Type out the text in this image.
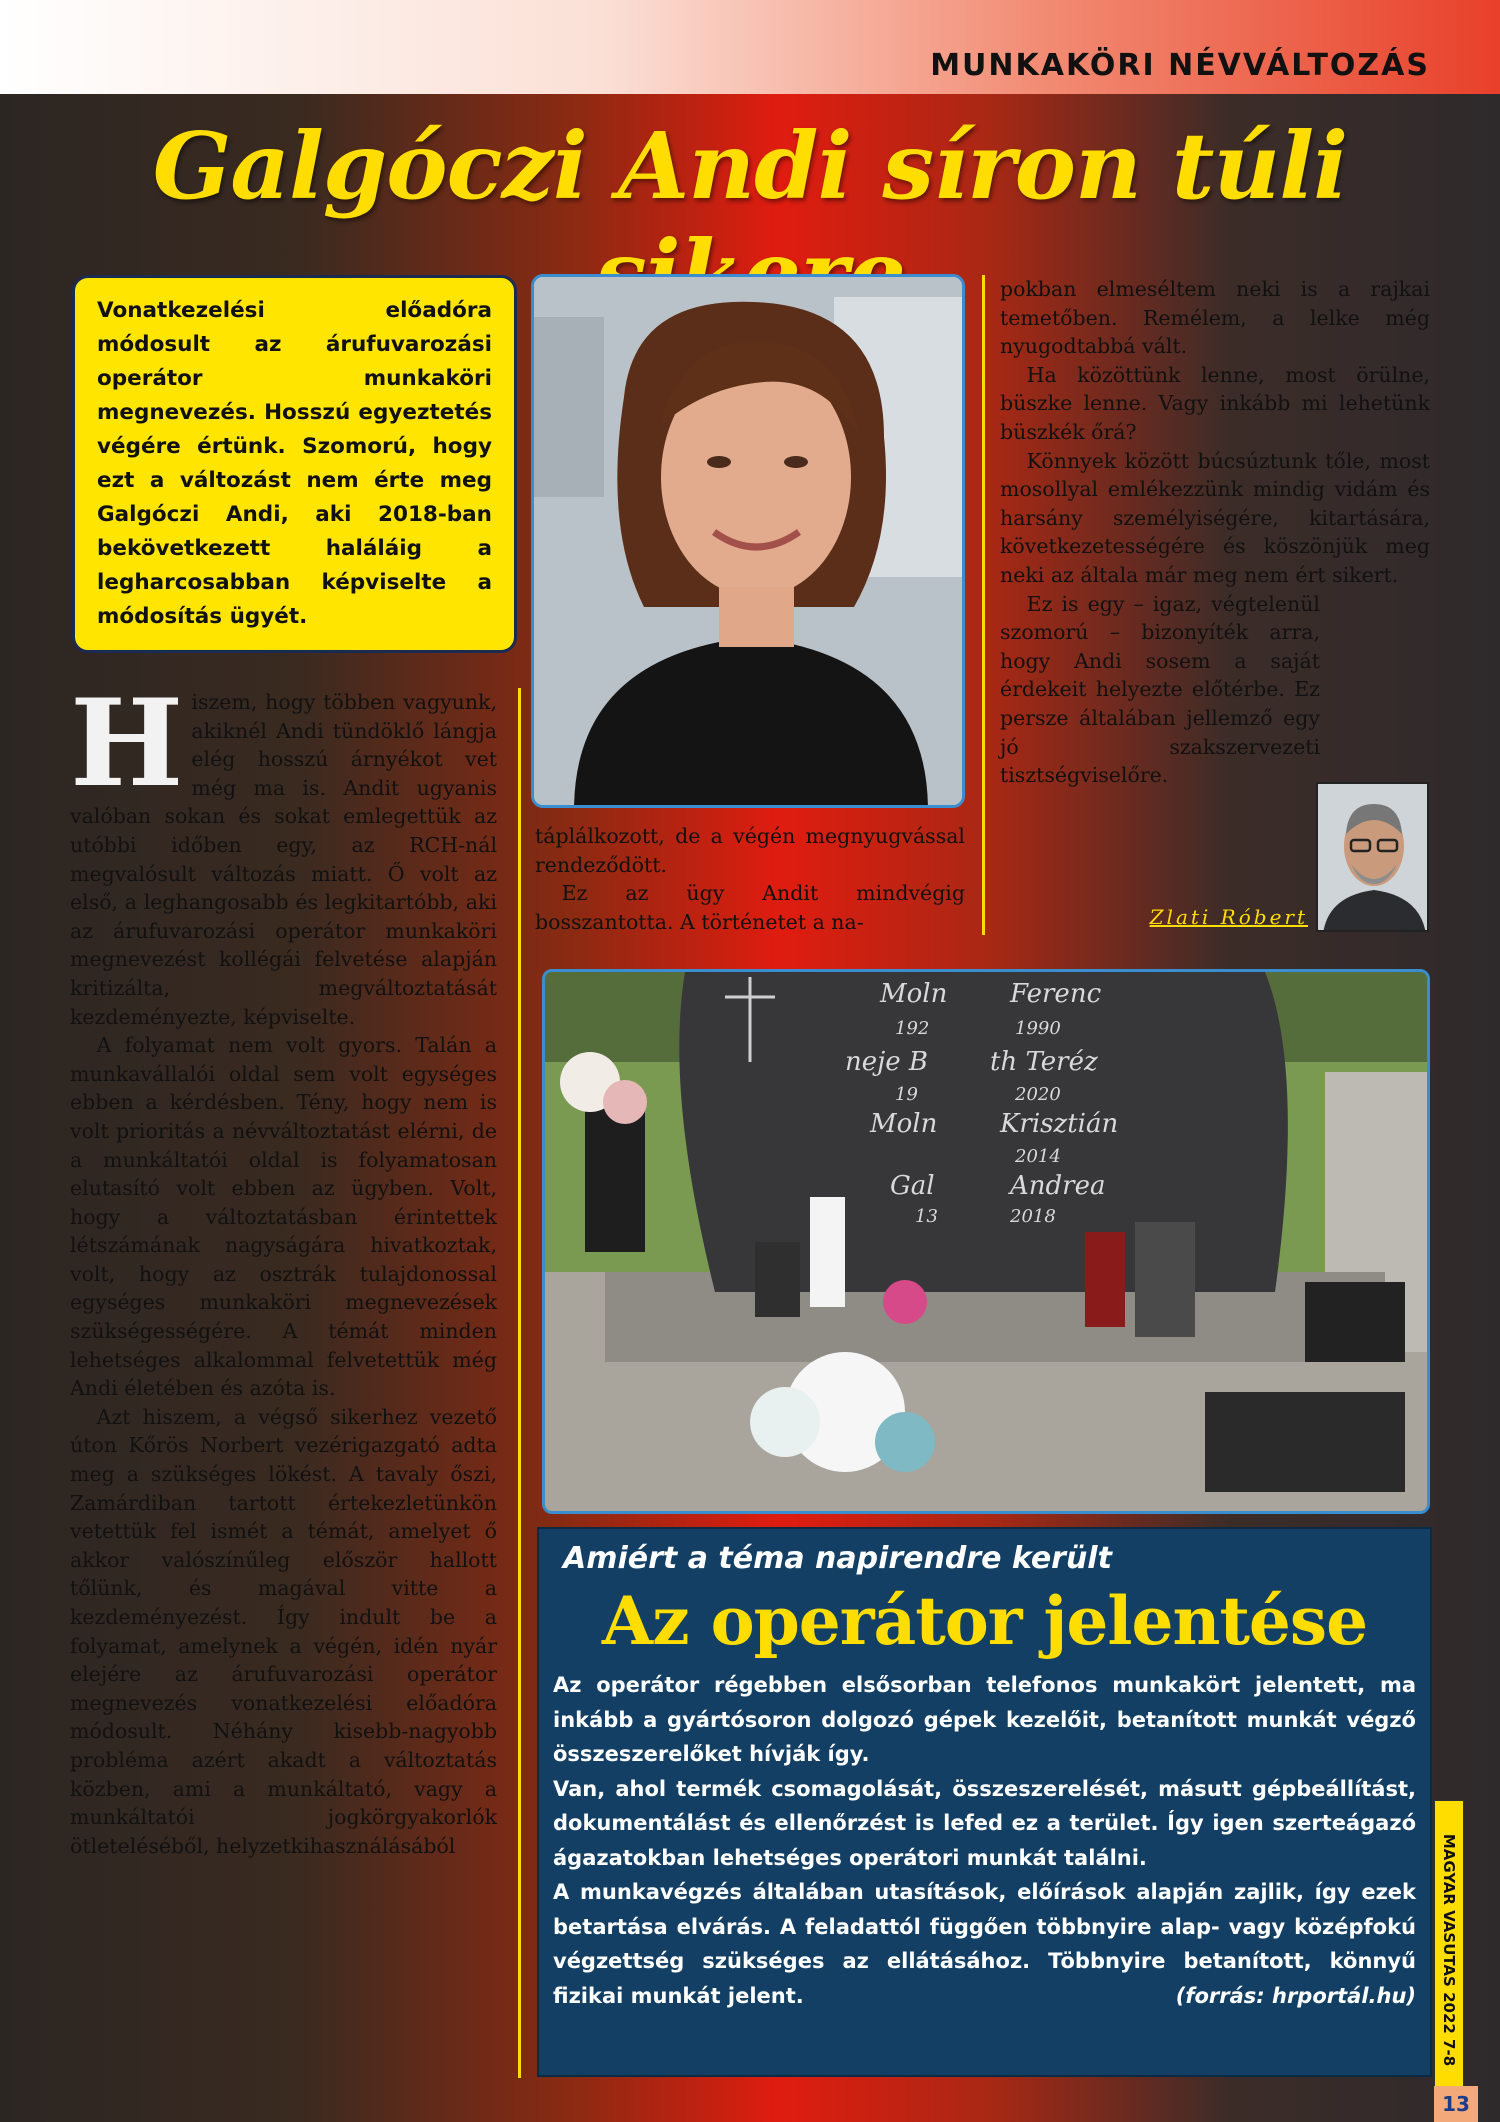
MUNKAKÖRI NÉVVÁLTOZÁS
Galgóczi Andi síron túli
Vonatkezelési előadóra módosult az árufuvarozási operátor munkaköri megnevezés. Hosszú egyeztetés végére értünk. Szomorú, hogy ezt a változást nem érte meg Galgóczi Andi, aki 2018-ban bekövetkezett haláláig a legharcosabban képviselte a módosítás ügyét.

Hiszem, hogy többen vagyunk, akiknél Andi tündöklő lángja elég hosszú árnyékot vet még ma is. Andit ugyanis valóban sokan és sokat emlegettük az utóbbi időben egy, az RCH-nál megvalósult változás miatt. Ő volt az első, a leghangosabb és legkitartóbb, aki az árufuvarozási operátor munkaköri megnevezést kollégái felvetése alapján kritizálta, megváltoztatását kezdeményezte, képviselte.

A folyamat nem volt gyors. Talán a munkavállalói oldal sem volt egységes ebben a kérdésben. Tény, hogy nem is volt prioritás a névváltoztatást elérni, de a munkáltatói oldal is folyamatosan elutasító volt ebben az ügyben. Volt, hogy a változtatásban érintettek létszámának nagyságára hivatkoztak, volt, hogy az osztrák tulajdonossal egységes munkaköri megnevezések szükségességére. A témát minden lehetséges alkalommal felvetettük még Andi életében és azóta is.

Azt hiszem, a végső sikerhez vezető úton Kőrös Norbert vezérigazgató adta meg a szükséges lökést. A tavaly őszi, Zamárdiban tartott értekezletünkön vetettük fel ismét a témát, amelyet ő akkor valószínűleg először hallott tőlünk, és magával vitte a kezdeményezést. Így indult be a folyamat, amelynek a végén, idén nyár elejére az árufuvarozási operátor megnevezés vonatkezelési előadóra módosult. Néhány kisebb-nagyobb probléma azért akadt a változtatás közben, ami a munkáltató, vagy a munkáltatói jogkörgyakorlók ötleteléséből, helyzetkihasználásából

táplálkozott, de a végén megnyugvással rendeződött.

Ez az ügy Andit mindvégig bosszantotta. A történetet a na-

pokban elmeséltem neki is a rajkai temetőben. Remélem, a lelke még nyugodtabbá vált.

Ha közöttünk lenne, most örülne, büszke lenne. Vagy inkább mi lehetünk büszkék őrá?

Könnyek között búcsúztunk tőle, most mosollyal emlékezzünk mindig vidám és harsány személyiségére, kitartására, következetességére és köszönjük meg neki az általa már meg nem ért sikert.

Ez is egy – igaz, végtelenül szomorú – bizonyíték arra, hogy Andi sosem a saját érdekeit helyezte előtérbe. Ez persze általában jellemző egy jó szakszervezeti tisztségviselőre.

Zlati Róbert
Moln Ferenc
192	1990
neje B th Teréz
19	2020
Moln Krisztián
2014
Gal	Andrea
13	2018
Amiért a téma napirendre került
Az operátor jelentése

Az operátor régebben elsősorban telefonos munkakört jelentett, ma inkább a gyártósoron dolgozó gépek kezelőit, betanított munkát végző összeszerelőket hívják így.

Van, ahol termék csomagolását, összeszerelését, másutt gépbeállítást, dokumentálást és ellenőrzést is lefed ez a terület. Így igen szerteágazó ágazatokban lehetséges operátori munkát találni.

A munkavégzés általában utasítások, előírások alapján zajlik, így ezek betartása elvárás. A feladattól függően többnyire alap- vagy középfokú végzettség szükséges az ellátásához. Többnyire betanított, könnyű fizikai munkát jelent.	(forrás: hrportál.hu) MAGYAR VASUTAS 2022 7-8
13
